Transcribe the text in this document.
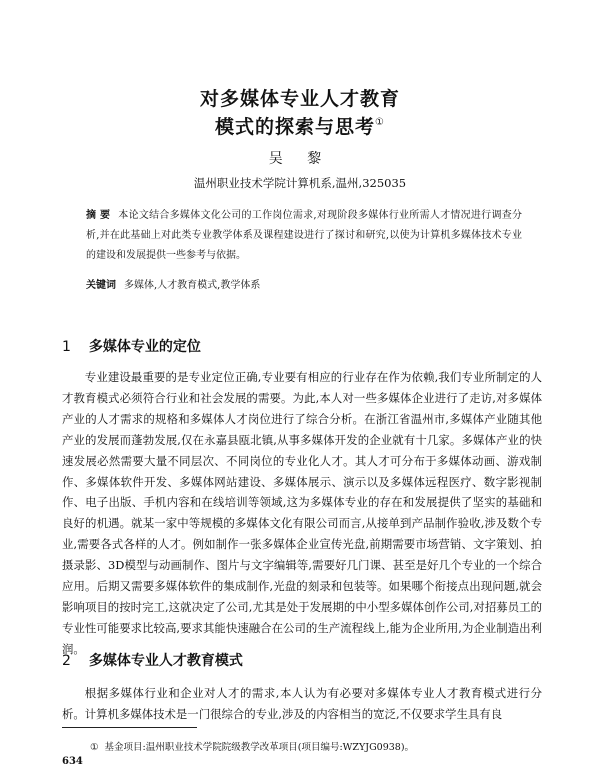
对多媒体专业人才教育
模式的探索与思考①
吴 黎
温州职业技术学院计算机系,温州,325035
摘 要 本论文结合多媒体文化公司的工作岗位需求,对现阶段多媒体行业所需人才情况进行调查分析,并在此基础上对此类专业教学体系及课程建设进行了探讨和研究,以使为计算机多媒体技术专业的建设和发展提供一些参考与依据。
关键词 多媒体,人才教育模式,教学体系
1 多媒体专业的定位
专业建设最重要的是专业定位正确,专业要有相应的行业存在作为依赖,我们专业所制定的人才教育模式必须符合行业和社会发展的需要。为此,本人对一些多媒体企业进行了走访,对多媒体产业的人才需求的规格和多媒体人才岗位进行了综合分析。在浙江省温州市,多媒体产业随其他产业的发展而蓬勃发展,仅在永嘉县瓯北镇,从事多媒体开发的企业就有十几家。多媒体产业的快速发展必然需要大量不同层次、不同岗位的专业化人才。其人才可分布于多媒体动画、游戏制作、多媒体软件开发、多媒体网站建设、多媒体展示、演示以及多媒体远程医疗、数字影视制作、电子出版、手机内容和在线培训等领域,这为多媒体专业的存在和发展提供了坚实的基础和良好的机遇。就某一家中等规模的多媒体文化有限公司而言,从接单到产品制作验收,涉及数个专业,需要各式各样的人才。例如制作一张多媒体企业宣传光盘,前期需要市场营销、文字策划、拍摄录影、3D模型与动画制作、图片与文字编辑等,需要好几门课、甚至是好几个专业的一个综合应用。后期又需要多媒体软件的集成制作,光盘的刻录和包装等。如果哪个衔接点出现问题,就会影响项目的按时完工,这就决定了公司,尤其是处于发展期的中小型多媒体创作公司,对招募员工的专业性可能要求比较高,要求其能快速融合在公司的生产流程线上,能为企业所用,为企业制造出利润。
2 多媒体专业人才教育模式
根据多媒体行业和企业对人才的需求,本人认为有必要对多媒体专业人才教育模式进行分析。计算机多媒体技术是一门很综合的专业,涉及的内容相当的宽泛,不仅要求学生具有良
① 基金项目:温州职业技术学院院级教学改革项目(项目编号:WZYJG0938)。
634
